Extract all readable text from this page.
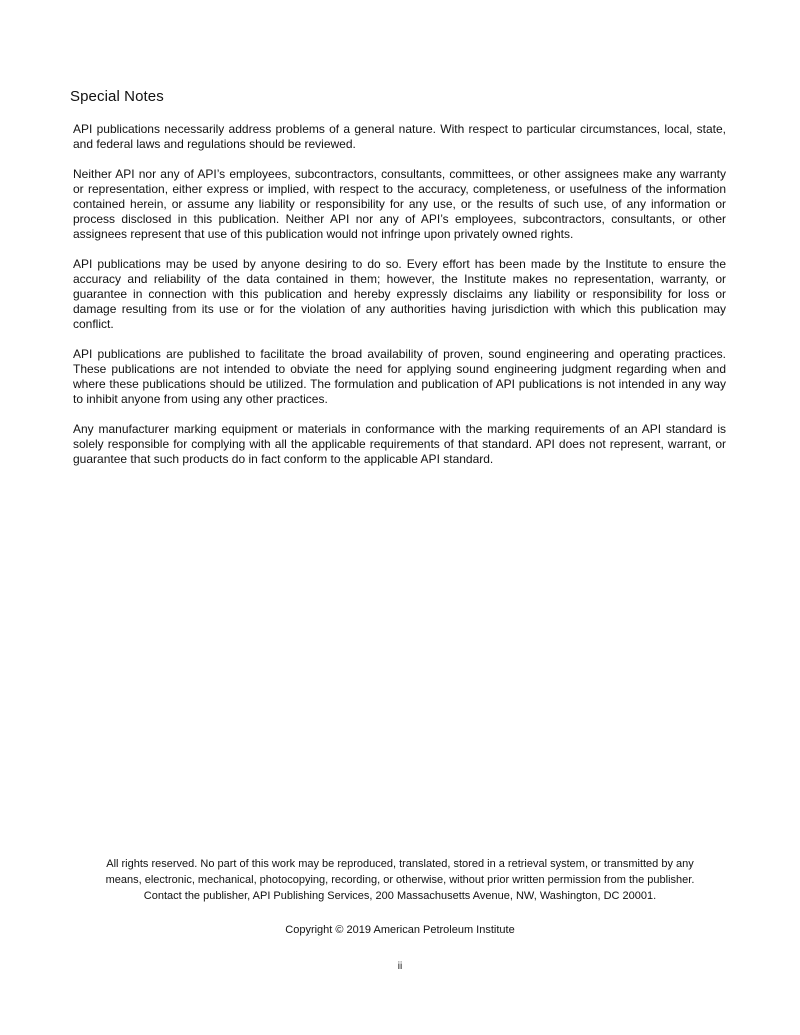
Special Notes

API publications necessarily address problems of a general nature. With respect to particular circumstances, local, state, and federal laws and regulations should be reviewed.

Neither API nor any of API’s employees, subcontractors, consultants, committees, or other assignees make any warranty or representation, either express or implied, with respect to the accuracy, completeness, or usefulness of the information contained herein, or assume any liability or responsibility for any use, or the results of such use, of any information or process disclosed in this publication. Neither API nor any of API’s employees, subcontractors, consultants, or other assignees represent that use of this publication would not infringe upon privately owned rights.

API publications may be used by anyone desiring to do so. Every effort has been made by the Institute to ensure the accuracy and reliability of the data contained in them; however, the Institute makes no representation, warranty, or guarantee in connection with this publication and hereby expressly disclaims any liability or responsibility for loss or damage resulting from its use or for the violation of any authorities having jurisdiction with which this publication may conflict.

API publications are published to facilitate the broad availability of proven, sound engineering and operating practices. These publications are not intended to obviate the need for applying sound engineering judgment regarding when and where these publications should be utilized. The formulation and publication of API publications is not intended in any way to inhibit anyone from using any other practices.

Any manufacturer marking equipment or materials in conformance with the marking requirements of an API standard is solely responsible for complying with all the applicable requirements of that standard. API does not represent, warrant, or guarantee that such products do in fact conform to the applicable API standard.

All rights reserved. No part of this work may be reproduced, translated, stored in a retrieval system, or transmitted by any
means, electronic, mechanical, photocopying, recording, or otherwise, without prior written permission from the publisher.
Contact the publisher, API Publishing Services, 200 Massachusetts Avenue, NW, Washington, DC 20001.
Copyright © 2019 American Petroleum Institute
ii
